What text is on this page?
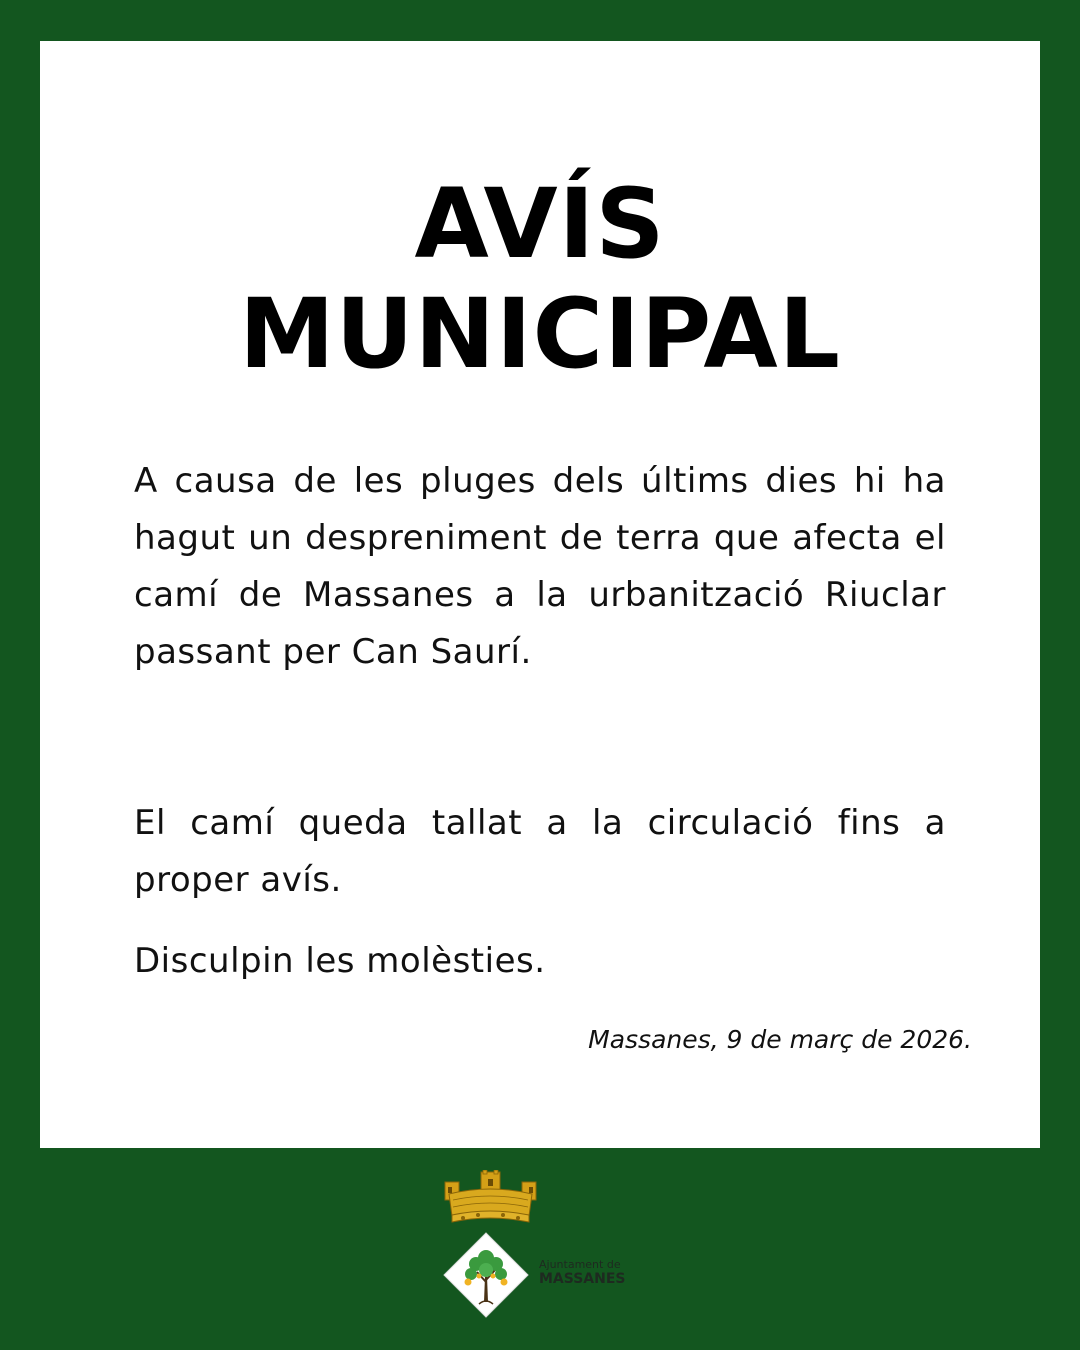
AVÍS
MUNICIPAL

A causa de les pluges dels últims dies hi ha hagut un despreniment de terra que afecta el camí de Massanes a la urbanització Riuclar passant per Can Saurí.

El camí queda tallat a la circulació fins a proper avís.

Disculpin les molèsties.

Massanes, 9 de març de 2026.
Ajuntament de
MASSANES
